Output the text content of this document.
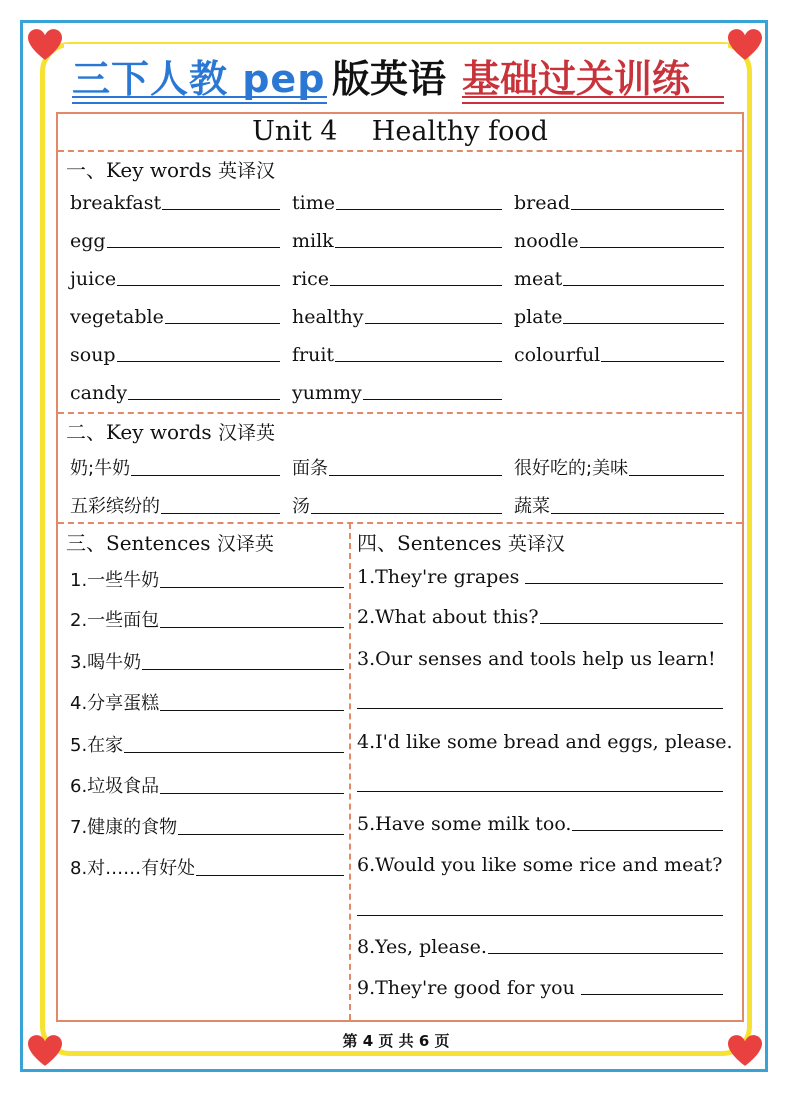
三下人教 pep 版英语 基础过关训练
Unit 4    Healthy food
一、Key words 英译汉
breakfast	time	bread
egg	milk	noodle
juice	rice	meat
vegetable	healthy	plate
soup	fruit	colourful
candy	yummy
二、Key words 汉译英
奶;牛奶	面条	很好吃的;美味
五彩缤纷的	汤	蔬菜
三、Sentences 汉译英
1.一些牛奶
2.一些面包
3.喝牛奶
4.分享蛋糕
5.在家
6.垃圾食品
7.健康的食物
8.对……有好处
四、Sentences 英译汉
1.They're grapes
2.What about this?
3.Our senses and tools help us learn!
4.I'd like some bread and eggs, please.
5.Have some milk too.
6.Would you like some rice and meat?
8.Yes, please.
9.They're good for you
第 4 页 共 6 页
